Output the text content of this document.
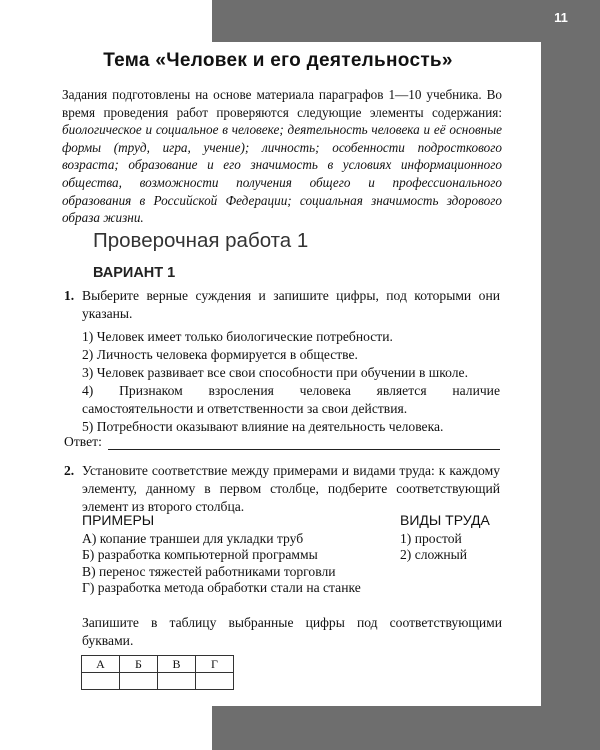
Тема «Человек и его деятельность»
Задания подготовлены на основе материала параграфов 1—10 учебника. Во время проведения работ проверяются следующие элементы содержания: биологическое и социальное в человеке; деятельность человека и её основные формы (труд, игра, учение); личность; особенности подросткового возраста; образование и его значимость в условиях информационного общества, возможности получения общего и профессионального образования в Российской Федерации; социальная значимость здорового образа жизни.
Проверочная работа 1
ВАРИАНТ 1
1. Выберите верные суждения и запишите цифры, под которыми они указаны.
1) Человек имеет только биологические потребности.
2) Личность человека формируется в обществе.
3) Человек развивает все свои способности при обучении в школе.
4) Признаком взросления человека является наличие самостоятельности и ответственности за свои действия.
5) Потребности оказывают влияние на деятельность человека.
Ответ:
2. Установите соответствие между примерами и видами труда: к каждому элементу, данному в первом столбце, подберите соответствующий элемент из второго столбца.
ПРИМЕРЫ
А) копание траншеи для укладки труб
Б) разработка компьютерной программы
В) перенос тяжестей работниками торговли
Г) разработка метода обработки стали на станке
ВИДЫ ТРУДА
1) простой
2) сложный
Запишите в таблицу выбранные цифры под соответствующими буквами.
А	Б	В	Г

11
